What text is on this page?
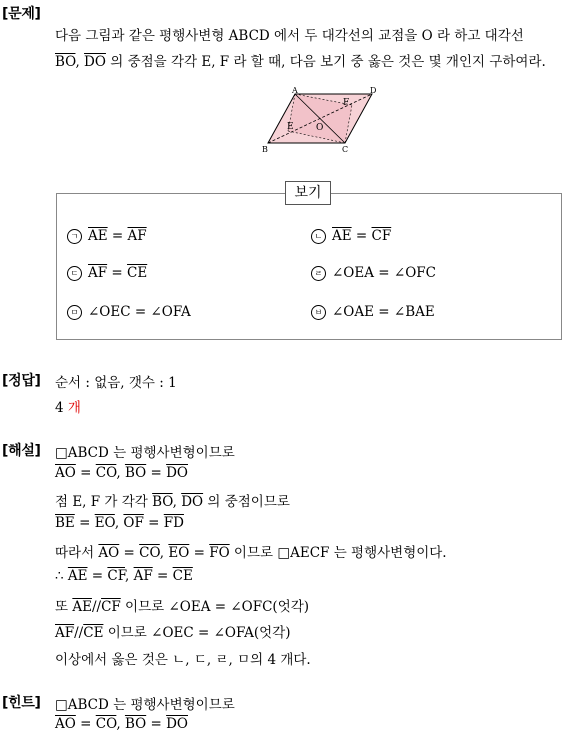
[문제]
다음 그림과 같은 평행사변형 ABCD 에서 두 대각선의 교점을 O 라 하고 대각선
$\overline{BO}$, $\overline{DO}$ 의 중점을 각각 E, F 라 할 때, 다음 보기 중 옳은 것은 몇 개인지 구하여라.
A	D
B	C
E
F
O
보기
ㄱ $\overline{AE} = \overline{AF}$	ㄴ $\overline{AE} = \overline{CF}$
ㄷ $\overline{AF} = \overline{CE}$	ㄹ ∠OEA = ∠OFC
ㅁ ∠OEC = ∠OFA	ㅂ ∠OAE = ∠BAE
[정답] 순서 : 없음, 갯수 : 1
4 개
[해설] □ABCD 는 평행사변형이므로
$\overline{AO} = \overline{CO}$, $\overline{BO} = \overline{DO}$
점 E, F 가 각각 $\overline{BO}$, $\overline{DO}$ 의 중점이므로
$\overline{BE} = \overline{EO}$, $\overline{OF} = \overline{FD}$
따라서 $\overline{AO} = \overline{CO}$, $\overline{EO} = \overline{FO}$ 이므로 □AECF 는 평행사변형이다.
∴ $\overline{AE} = \overline{CF}$, $\overline{AF} = \overline{CE}$
또 $\overline{AE}//\overline{CF}$ 이므로 ∠OEA = ∠OFC(엇각)
$\overline{AF}//\overline{CE}$ 이므로 ∠OEC = ∠OFA(엇각)
이상에서 옳은 것은 ㄴ, ㄷ, ㄹ, ㅁ의 4 개다.
[힌트] □ABCD 는 평행사변형이므로
$\overline{AO} = \overline{CO}$, $\overline{BO} = \overline{DO}$
